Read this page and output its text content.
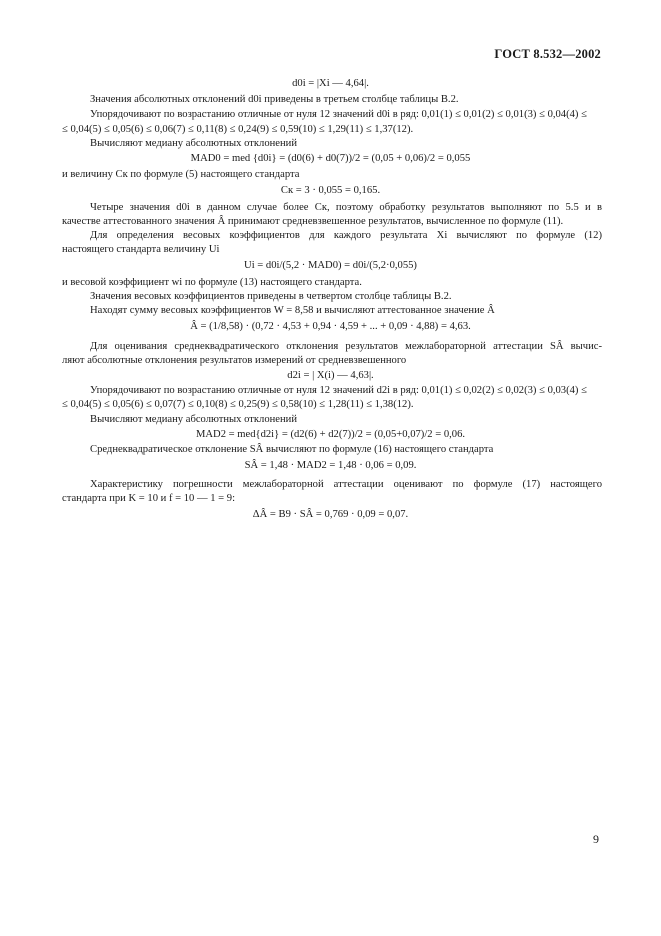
ГОСТ 8.532—2002
d0i = |Xi — 4,64|.
Значения абсолютных отклонений d0i приведены в третьем столбце таблицы В.2.
Упорядочивают по возрастанию отличные от нуля 12 значений d0i в ряд: 0,01(1) ≤ 0,01(2) ≤ 0,01(3) ≤ 0,04(4) ≤
≤ 0,04(5) ≤ 0,05(6) ≤ 0,06(7) ≤ 0,11(8) ≤ 0,24(9) ≤ 0,59(10) ≤ 1,29(11) ≤ 1,37(12).
Вычисляют медиану абсолютных отклонений
MAD0 = med {d0i} = (d0(6) + d0(7))/2 = (0,05 + 0,06)/2 = 0,055
и величину Ск по формуле (5) настоящего стандарта
Ск = 3 · 0,055 = 0,165.
Четыре значения d0i в данном случае более Ск, поэтому обработку результатов выполняют по 5.5 и в
качестве аттестованного значения Â принимают средневзвешенное результатов, вычисленное по формуле (11).
Для определения весовых коэффициентов для каждого результата Xi вычисляют по формуле (12)
настоящего стандарта величину Ui
Ui = d0i/(5,2 · MAD0) = d0i/(5,2·0,055)
и весовой коэффициент wi по формуле (13) настоящего стандарта.
Значения весовых коэффициентов приведены в четвертом столбце таблицы В.2.
Находят сумму весовых коэффициентов W = 8,58 и вычисляют аттестованное значение Â
Â = (1/8,58) · (0,72 · 4,53 + 0,94 · 4,59 + ... + 0,09 · 4,88) = 4,63.
Для оценивания среднеквадратического отклонения результатов межлабораторной аттестации SÂ вычис-
ляют абсолютные отклонения результатов измерений от средневзвешенного
d2i = | X(i) — 4,63|.
Упорядочивают по возрастанию отличные от нуля 12 значений d2i в ряд: 0,01(1) ≤ 0,02(2) ≤ 0,02(3) ≤ 0,03(4) ≤
≤ 0,04(5) ≤ 0,05(6) ≤ 0,07(7) ≤ 0,10(8) ≤ 0,25(9) ≤ 0,58(10) ≤ 1,28(11) ≤ 1,38(12).
Вычисляют медиану абсолютных отклонений
MAD2 = med{d2i} = (d2(6) + d2(7))/2 = (0,05+0,07)/2 = 0,06.
Среднеквадратическое отклонение SÂ вычисляют по формуле (16) настоящего стандарта
SÂ = 1,48 · MAD2 = 1,48 · 0,06 = 0,09.
Характеристику погрешности межлабораторной аттестации оценивают по формуле (17) настоящего
стандарта при K = 10 и f = 10 — 1 = 9:
ΔÂ = B9 · SÂ = 0,769 · 0,09 = 0,07.
9
